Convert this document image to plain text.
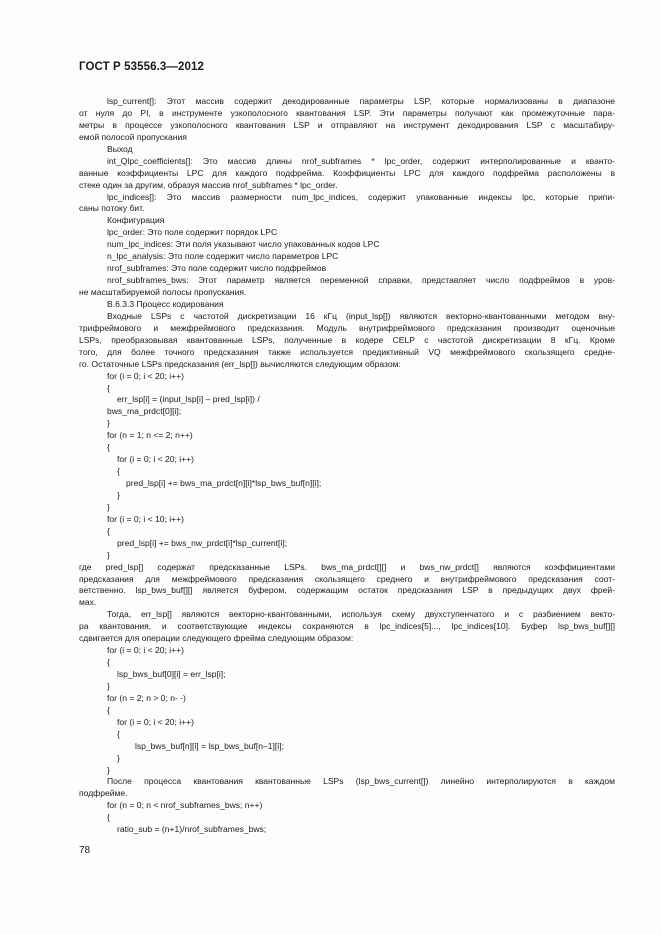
ГОСТ Р 53556.3—2012
lsp_current[]: Этот массив содержит декодированные параметры LSP, которые нормализованы в диапазоне
от нуля до PI, в инструменте узкополосного квантования LSP. Эти параметры получают как промежуточные пара-
метры в процессе узкополосного квантования LSP и отправляют на инструмент декодирования LSP с масштабиру-
емой полосой пропускания
Выход
int_Qlpc_coefficients[]: Это массив длины nrof_subframes * lpc_order, содержит интерполированные и кванто-
ванные коэффициенты LPC для каждого подфрейма. Коэффициенты LPC для каждого подфрейма расположены в
стеке один за другим, образуя массив nrof_subframes * lpc_order.
lpc_indices[]: Это массив размерности num_lpc_indices, содержит упакованные индексы lpc, которые припи-
саны потоку бит.
Конфигурация
lpc_order: Это поле содержит порядок LPC
num_lpc_indices: Эти поля указывают число упакованных кодов LPC
n_lpc_analysis: Это поле содержит число параметров LPC
nrof_subframes: Это поле содержит число подфреймов
nrof_subframes_bws: Этот параметр является переменной справки, представляет число подфреймов в уров-
не масштабируемой полосы пропускания.
В.6.3.3 Процесс кодирования
Входные LSPs с частотой дискретизации 16 кГц (input_lsp[]) являются векторно-квантованными методом вну-
трифреймового и межфреймового предсказания. Модуль внутрифреймового предсказания производит оценочные
LSPs, преобразовывая квантованные LSPs, полученные в кодере CELP с частотой дискретизации 8 кГц. Кроме
того, для более точного предсказания также используется предиктивный VQ межфреймового скользящего средне-
го. Остаточные LSPs предсказания (err_lsp[]) вычисляются следующим образом:
for (i = 0; i < 20; i++)
{
err_lsp[i] = (input_lsp[i] – pred_lsp[i]) /
bws_ma_prdct[0][i];
}
for (n = 1; n <= 2; n++)
{
for (i = 0; i < 20; i++)
{
pred_lsp[i] += bws_ma_prdct[n][i]*lsp_bws_buf[n][i];
}
}
for (i = 0; i < 10; i++)
{
pred_lsp[i] += bws_nw_prdct[i]*lsp_current[i];
}
где pred_lsp[] содержат предсказанные LSPs. bws_ma_prdct[][] и bws_nw_prdct[] являются коэффициентами
предсказания для межфреймового предсказания скользящего среднего и внутрифреймового предсказания соот-
ветственно. lsp_bws_buf[][] является буфером, содержащим остаток предсказания LSP в предыдущих двух фрей-
мах.
Тогда, err_lsp[] являются векторно-квантованными, используя схему двухступенчатого и с разбиением векто-
ра квантования, и соответствующие индексы сохраняются в lpc_indices[5]..., lpc_indices[10]. Буфер lsp_bws_buf[][]
сдвигается для операции следующего фрейма следующим образом:
for (i = 0; i < 20; i++)
{
lsp_bws_buf[0][i] = err_lsp[i];
}
for (n = 2; n > 0; n- -)
{
for (i = 0; i < 20; i++)
{
lsp_bws_buf[n][i] = lsp_bws_buf[n–1][i];
}
}
После процесса квантования квантованные LSPs (lsp_bws_current[]) линейно интерполируются в каждом
подфрейме.
for (n = 0; n < nrof_subframes_bws; n++)
{
ratio_sub = (n+1)/nrof_subframes_bws;
78
